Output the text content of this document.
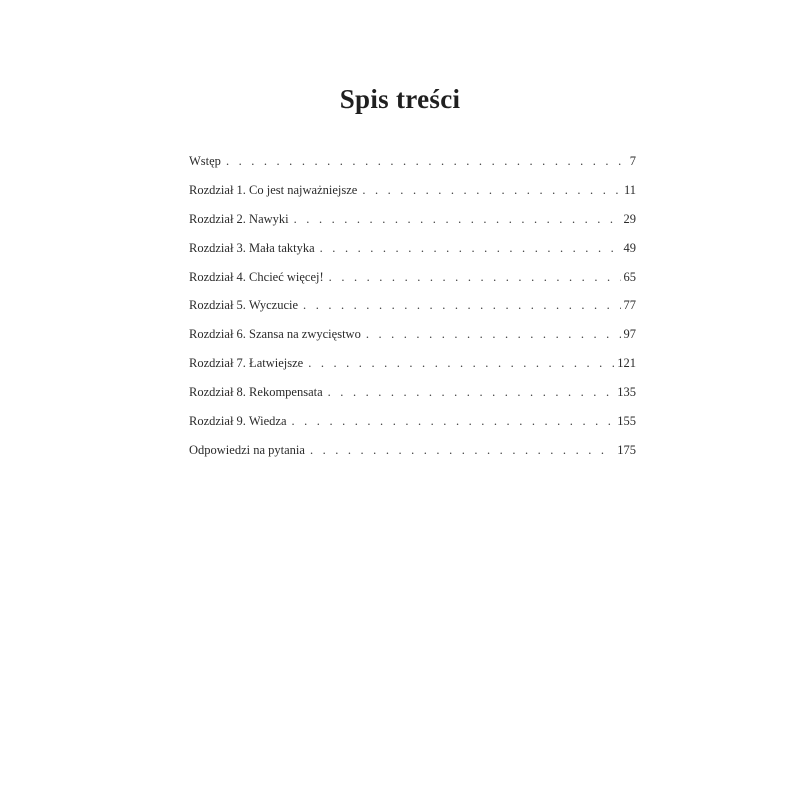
Spis treści
Wstęp . . .	7
Rozdział 1. Co jest najważniejsze . . .	11
Rozdział 2. Nawyki . . .	29
Rozdział 3. Mała taktyka . . .	49
Rozdział 4. Chcieć więcej! . . .	65
Rozdział 5. Wyczucie . . .	77
Rozdział 6. Szansa na zwycięstwo . . .	97
Rozdział 7. Łatwiejsze . . .	121
Rozdział 8. Rekompensata . . .	135
Rozdział 9. Wiedza . . .	155
Odpowiedzi na pytania . . .	175
